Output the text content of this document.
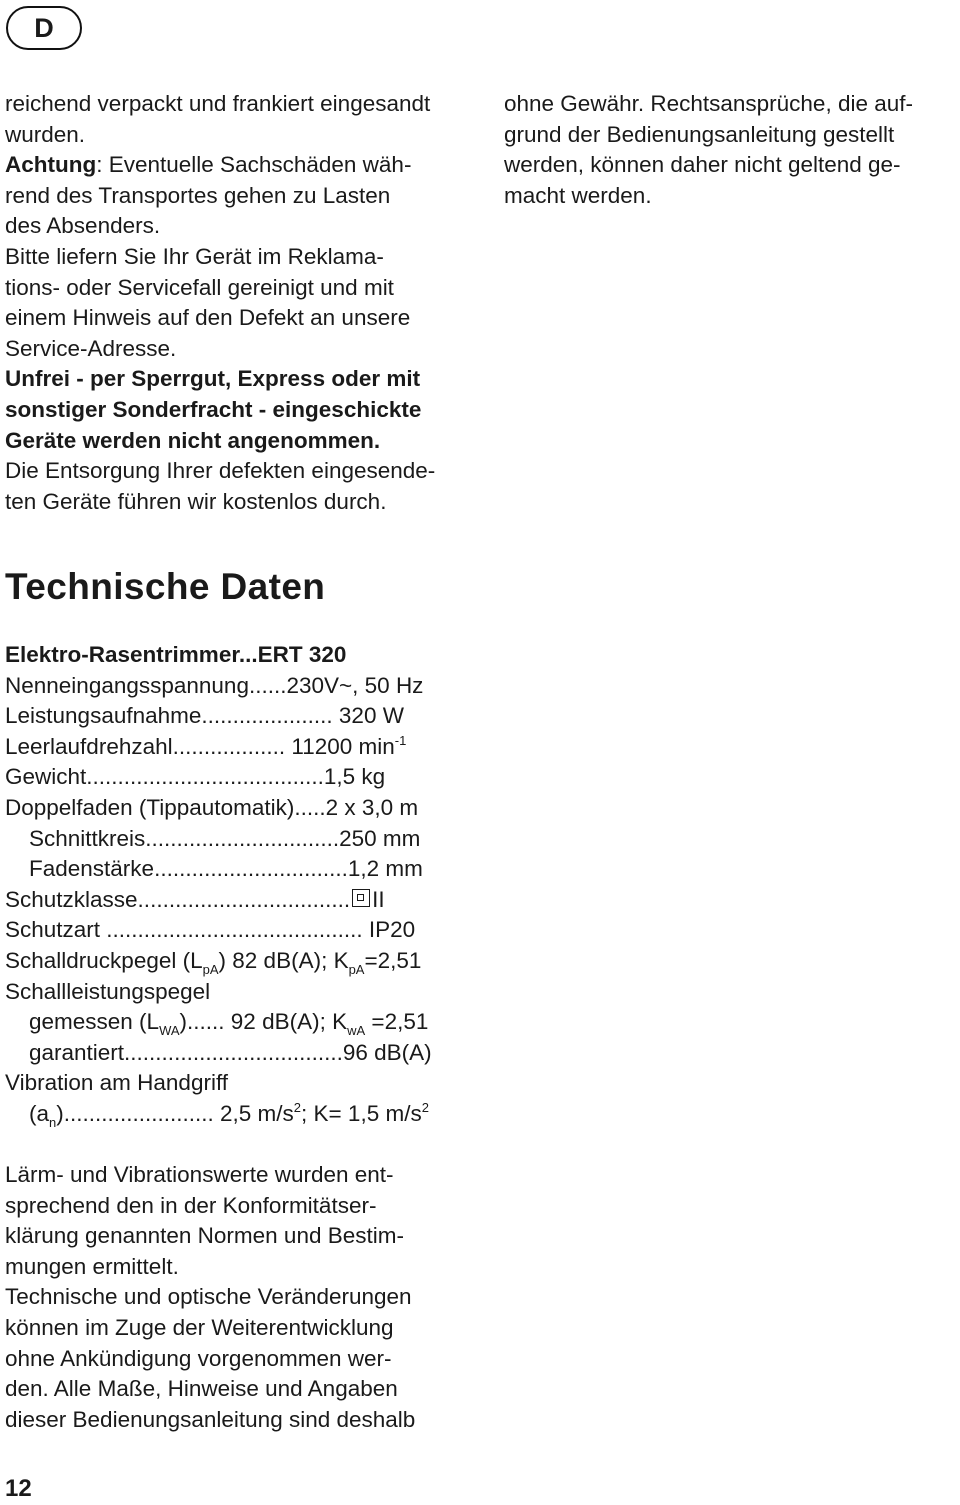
D
reichend verpackt und frankiert eingesandt
wurden.
Achtung: Eventuelle Sachschäden wäh-
rend des Transportes gehen zu Lasten
des Absenders.
Bitte liefern Sie Ihr Gerät im Reklama-
tions- oder Servicefall gereinigt und mit
einem Hinweis auf den Defekt an unsere
Service-Adresse.
Unfrei - per Sperrgut, Express oder mit
sonstiger Sonderfracht - eingeschickte
Geräte werden nicht angenommen.
Die Entsorgung Ihrer defekten eingesende-
ten Geräte führen wir kostenlos durch.
ohne Gewähr. Rechtsansprüche, die auf-
grund der Bedienungsanleitung gestellt
werden, können daher nicht geltend ge-
macht werden.
Technische Daten
Elektro-Rasentrimmer...ERT 320
Nenneingangsspannung......230V~, 50 Hz
Leistungsaufnahme..................... 320 W
Leerlaufdrehzahl.................. 11200 $\min^{-1}$
Gewicht......................................1,5 kg
Doppelfaden (Tippautomatik).....2 x 3,0 m
Schnittkreis...............................250 mm
Fadenstärke...............................1,2 mm
Schutzklasse.................................. II
Schutzart ......................................... IP20
Schalldruckpegel $(L_{pA})$ 82 dB(A); $K_{pA}=2,51$
Schallleistungspegel
gemessen $(L_{WA})$...... 92 dB(A); $K_{wA} =2,51$
garantiert...................................96 dB(A)
Vibration am Handgriff
$(a_n)$........................ 2,5 $m/s^2$; K= 1,5 $m/s^2$
Lärm- und Vibrationswerte wurden ent-
sprechend den in der Konformitätser-
klärung genannten Normen und Bestim-
mungen ermittelt.
Technische und optische Veränderungen
können im Zuge der Weiterentwicklung
ohne Ankündigung vorgenommen wer-
den. Alle Maße, Hinweise und Angaben
dieser Bedienungsanleitung sind deshalb
12
